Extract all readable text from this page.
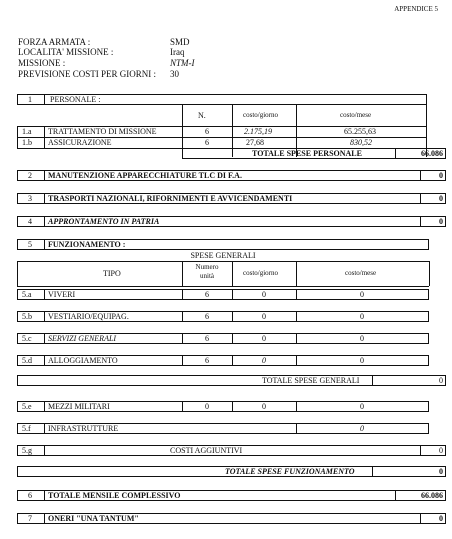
APPENDICE 5
FORZA ARMATA :	SMD
LOCALITA' MISSIONE :	Iraq
MISSIONE :	NTM-I
PREVISIONE COSTI PER GIORNI : 30
1 PERSONALE :
N.	costo/giorno	costo/mese
1.a TRATTAMENTO DI MISSIONE	6	2.175,19	65.255,63
1.b ASSICURAZIONE	6	27,68	830,52
TOTALE SPESE PERSONALE	66.086
2 MANUTENZIONE APPARECCHIATURE TLC DI F.A.	0
3 TRASPORTI NAZIONALI, RIFORNIMENTI E AVVICENDAMENTI	0
4 APPRONTAMENTO IN PATRIA	0
5 FUNZIONAMENTO :
SPESE GENERALI
TIPO
Numero
unità	costo/giorno	costo/mese
5.a VIVERI	6	0	0
5.b VESTIARIO/EQUIPAG.	6	0	0
5.c SERVIZI GENERALI	6	0	0
5.d ALLOGGIAMENTO	6	0	0
TOTALE SPESE GENERALI	0
5.e MEZZI MILITARI	0	0	0
5.f INFRASTRUTTURE	0
5.g	COSTI AGGIUNTIVI	0
TOTALE SPESE FUNZIONAMENTO	0
6 TOTALE MENSILE COMPLESSIVO	66.086
7 ONERI "UNA TANTUM"	0
